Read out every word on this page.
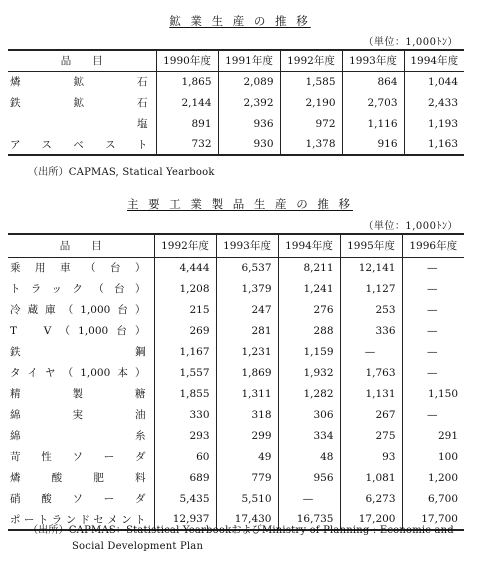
鉱 業 生 産 の 推 移
（単位：1,000ﾄﾝ）
品　　目	1990年度	1991年度	1992年度	1993年度	1994年度
燐鉱石	1,865	2,089	1,585	864	1,044
鉄鉱石	2,144	2,392	2,190	2,703	2,433
　　　塩	891	936	972	1,116	1,193
アスベスト	732	930	1,378	916	1,163
（出所）CAPMAS, Statical Yearbook
主 要 工 業 製 品 生 産 の 推 移
（単位：1,000ﾄﾝ）
品　　目	1992年度	1993年度	1994年度	1995年度	1996年度
乗用車（台）	4,444	6,537	8,211	12,141	—
トラック（台）	1,208	1,379	1,241	1,127	—
冷蔵庫（1,000台）	215	247	276	253	—
T　V（1,000台）	269	281	288	336	—
鉄鋼	1,167	1,231	1,159	—	—
タイヤ（1,000本）	1,557	1,869	1,932	1,763	—
精製糖	1,855	1,311	1,282	1,131	1,150
綿実油	330	318	306	267	—
綿糸	293	299	334	275	291
苛性ソーダ	60	49	48	93	100
燐酸肥料	689	779	956	1,081	1,200
硝酸ソーダ	5,435	5,510	—	6,273	6,700
ポートランドセメント	12,937	17,430	16,735	17,200	17,700
（出所）CAPMAS：Statistical YearbookおよびMinistry of Planning : Economic and
Social Development Plan
